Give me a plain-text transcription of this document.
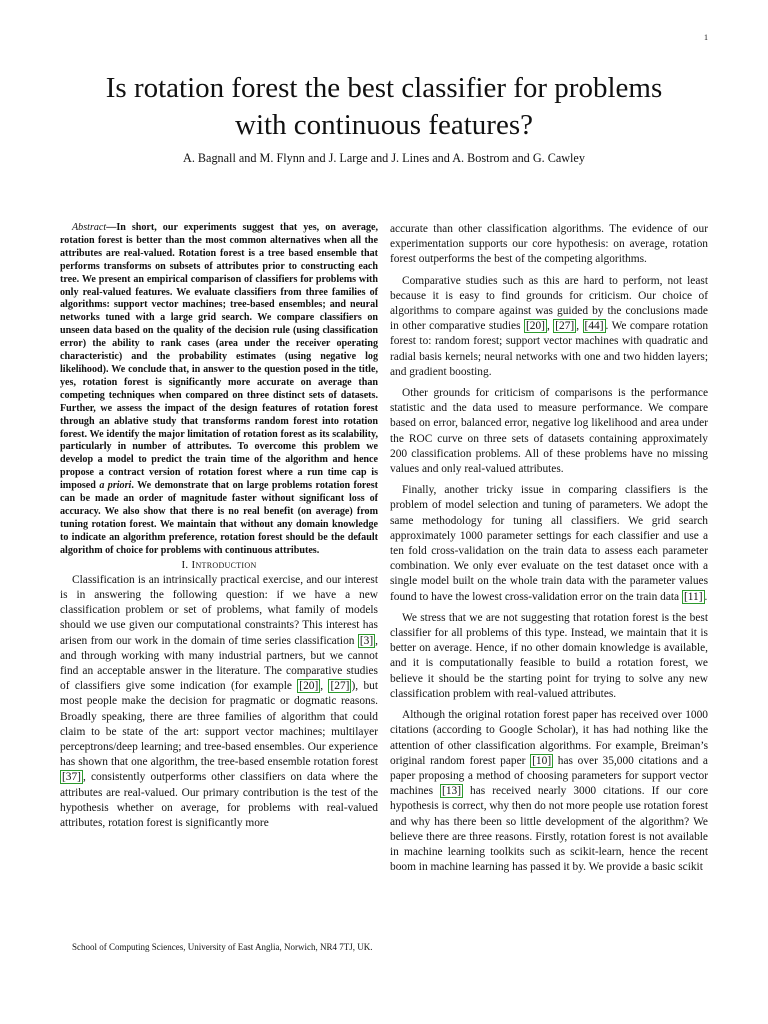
1
Is rotation forest the best classifier for problems
with continuous features?

A. Bagnall and M. Flynn and J. Large and J. Lines and A. Bostrom and G. Cawley

Abstract—In short, our experiments suggest that yes, on average, rotation forest is better than the most common alternatives when all the attributes are real-valued. Rotation forest is a tree based ensemble that performs transforms on subsets of attributes prior to constructing each tree. We present an empirical comparison of classifiers for problems with only real-valued features. We evaluate classifiers from three families of algorithms: support vector machines; tree-based ensembles; and neural networks tuned with a large grid search. We compare classifiers on unseen data based on the quality of the decision rule (using classification error) the ability to rank cases (area under the receiver operating characteristic) and the probability estimates (using negative log likelihood). We conclude that, in answer to the question posed in the title, yes, rotation forest is significantly more accurate on average than competing techniques when compared on three distinct sets of datasets. Further, we assess the impact of the design features of rotation forest through an ablative study that transforms random forest into rotation forest. We identify the major limitation of rotation forest as its scalability, particularly in number of attributes. To overcome this problem we develop a model to predict the train time of the algorithm and hence propose a contract version of rotation forest where a run time cap is imposed a priori. We demonstrate that on large problems rotation forest can be made an order of magnitude faster without significant loss of accuracy. We also show that there is no real benefit (on average) from tuning rotation forest. We maintain that without any domain knowledge to indicate an algorithm preference, rotation forest should be the default algorithm of choice for problems with continuous attributes.

I. Introduction

Classification is an intrinsically practical exercise, and our interest is in answering the following question: if we have a new classification problem or set of problems, what family of models should we use given our computational constraints? This interest has arisen from our work in the domain of time series classification [3] , and through working with many industrial partners, but we cannot find an acceptable answer in the literature. The comparative studies of classifiers give some indication (for example [20] , [27] ), but most people make the decision for pragmatic or dogmatic reasons. Broadly speaking, there are three families of algorithm that could claim to be state of the art: support vector machines; multilayer perceptrons/deep learning; and tree-based ensembles. Our experience has shown that one algorithm, the tree-based ensemble rotation forest [37] , consistently outperforms other classifiers on data where the attributes are real-valued. Our primary contribution is the test of the hypothesis whether on average, for problems with real-valued attributes, rotation forest is significantly more

School of Computing Sciences, University of East Anglia, Norwich, NR4 7TJ, UK.

accurate than other classification algorithms. The evidence of our experimentation supports our core hypothesis: on average, rotation forest outperforms the best of the competing algorithms.

Comparative studies such as this are hard to perform, not least because it is easy to find grounds for criticism. Our choice of algorithms to compare against was guided by the conclusions made in other comparative studies [20] , [27] , [44] . We compare rotation forest to: random forest; support vector machines with quadratic and radial basis kernels; neural networks with one and two hidden layers; and gradient boosting.

Other grounds for criticism of comparisons is the performance statistic and the data used to measure performance. We compare based on error, balanced error, negative log likelihood and area under the ROC curve on three sets of datasets containing approximately 200 classification problems. All of these problems have no missing values and only real-valued attributes.

Finally, another tricky issue in comparing classifiers is the problem of model selection and tuning of parameters. We adopt the same methodology for tuning all classifiers. We grid search approximately 1000 parameter settings for each classifier and use a ten fold cross-validation on the train data to assess each parameter combination. We only ever evaluate on the test dataset once with a single model built on the whole train data with the parameter values found to have the lowest cross-validation error on the train data [11] .

We stress that we are not suggesting that rotation forest is the best classifier for all problems of this type. Instead, we maintain that it is better on average. Hence, if no other domain knowledge is available, and it is computationally feasible to build a rotation forest, we believe it should be the starting point for trying to solve any new classification problem with real-valued attributes.

Although the original rotation forest paper has received over 1000 citations (according to Google Scholar), it has had nothing like the attention of other classification algorithms. For example, Breiman’s original random forest paper [10] has over 35,000 citations and a paper proposing a method of choosing parameters for support vector machines [13] has received nearly 3000 citations. If our core hypothesis is correct, why then do not more people use rotation forest and why has there been so little development of the algorithm? We believe there are three reasons. Firstly, rotation forest is not available in machine learning toolkits such as scikit-learn, hence the recent boom in machine learning has passed it by. We provide a basic scikit
